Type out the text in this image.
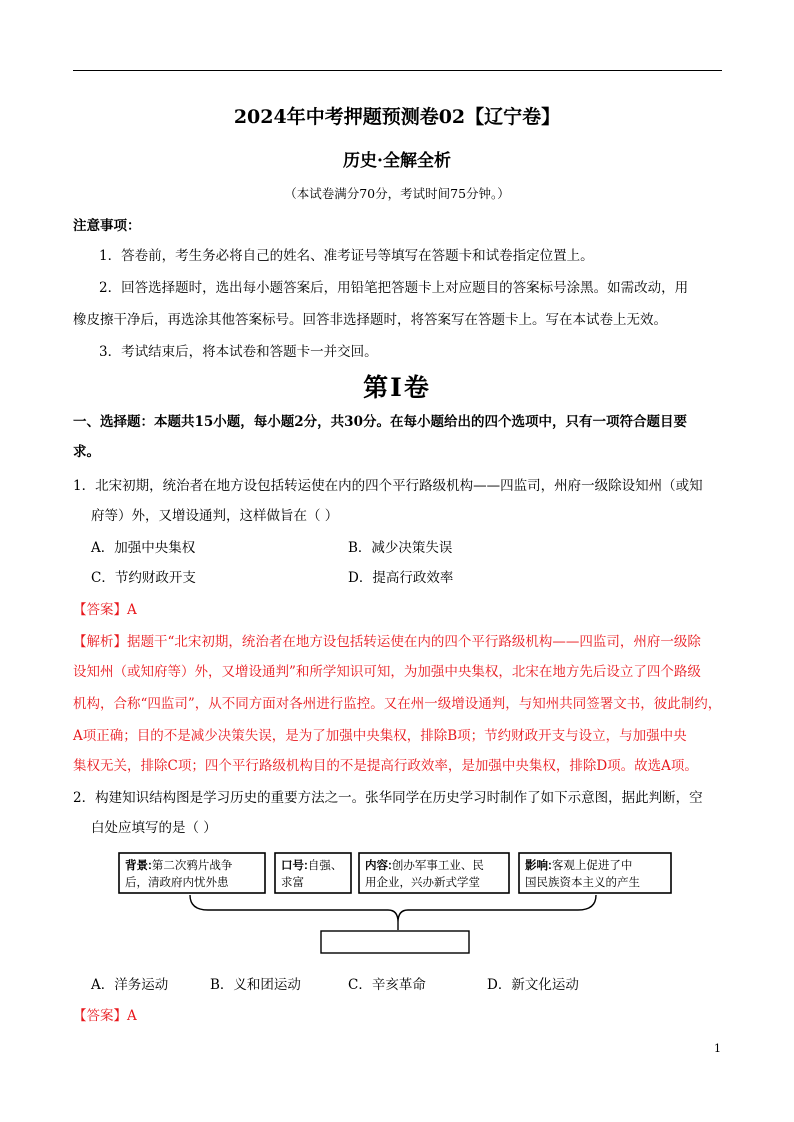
2024年中考押题预测卷02【辽宁卷】
历史·全解全析
（本试卷满分70分，考试时间75分钟。）
注意事项：
1．答卷前，考生务必将自己的姓名、准考证号等填写在答题卡和试卷指定位置上。
2．回答选择题时，选出每小题答案后，用铅笔把答题卡上对应题目的答案标号涂黑。如需改动，用
橡皮擦干净后，再选涂其他答案标号。回答非选择题时，将答案写在答题卡上。写在本试卷上无效。
3．考试结束后，将本试卷和答题卡一并交回。
第Ⅰ卷
一、选择题：本题共15小题，每小题2分，共30分。在每小题给出的四个选项中，只有一项符合题目要
求。
1．北宋初期，统治者在地方设包括转运使在内的四个平行路级机构——四监司，州府一级除设知州（或知
府等）外，又增设通判，这样做旨在（ ）
A．加强中央集权	B．减少决策失误
C．节约财政开支	D．提高行政效率
【答案】A
【解析】据题干“北宋初期，统治者在地方设包括转运使在内的四个平行路级机构——四监司，州府一级除
设知州（或知府等）外，又增设通判”和所学知识可知，为加强中央集权，北宋在地方先后设立了四个路级
机构，合称“四监司”，从不同方面对各州进行监控。又在州一级增设通判，与知州共同签署文书，彼此制约，
A项正确；目的不是减少决策失误，是为了加强中央集权，排除B项；节约财政开支与设立，与加强中央
集权无关，排除C项；四个平行路级机构目的不是提高行政效率，是加强中央集权，排除D项。故选A项。
2．构建知识结构图是学习历史的重要方法之一。张华同学在历史学习时制作了如下示意图，据此判断，空
白处应填写的是（ ）
背景:第二次鸦片战争
后，清政府内忧外患
口号:自强、
求富
内容:创办军事工业、民
用企业，兴办新式学堂
影响:客观上促进了中
国民族资本主义的产生
A．洋务运动	B．义和团运动	C．辛亥革命	D．新文化运动
【答案】A
1
